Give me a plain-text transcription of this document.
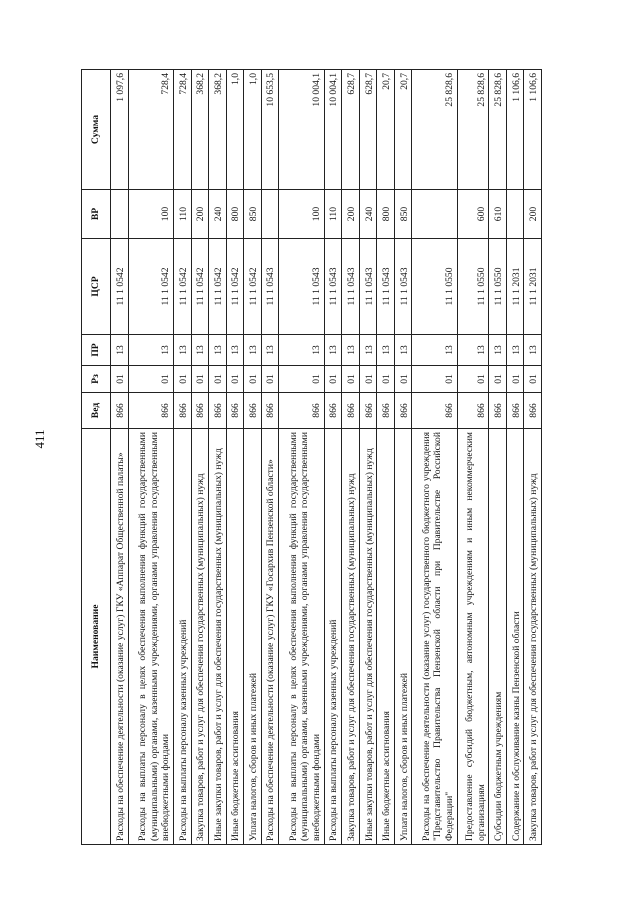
411
Наименование	Вед	Рз	ПР	ЦСР	ВР	Сумма
Расходы на обеспечение деятельности (оказание услуг) ГКУ «Аппарат Общественной палаты»	866	01	13	11 1 0542		1 097,6
Расходы на выплаты персоналу в целях обеспечения выполнения функций государственными (муниципальными) органами, казенными учреждениями, органами управления государственными внебюджетными фондами	866	01	13	11 1 0542	100	728,4
Расходы на выплаты персоналу казенных учреждений	866	01	13	11 1 0542	110	728,4
Закупка товаров, работ и услуг для обеспечения государственных (муниципальных) нужд	866	01	13	11 1 0542	200	368,2
Иные закупки товаров, работ и услуг для обеспечения государственных (муниципальных) нужд	866	01	13	11 1 0542	240	368,2
Иные бюджетные ассигнования	866	01	13	11 1 0542	800	1,0
Уплата налогов, сборов и иных платежей	866	01	13	11 1 0542	850	1,0
Расходы на обеспечение деятельности (оказание услуг) ГКУ «Госархив Пензенской области»	866	01	13	11 1 0543		10 653,5
Расходы на выплаты персоналу в целях обеспечения выполнения функций государственными (муниципальными) органами, казенными учреждениями, органами управления государственными внебюджетными фондами	866	01	13	11 1 0543	100	10 004,1
Расходы на выплаты персоналу казенных учреждений	866	01	13	11 1 0543	110	10 004,1
Закупка товаров, работ и услуг для обеспечения государственных (муниципальных) нужд	866	01	13	11 1 0543	200	628,7
Иные закупки товаров, работ и услуг для обеспечения государственных (муниципальных) нужд	866	01	13	11 1 0543	240	628,7
Иные бюджетные ассигнования	866	01	13	11 1 0543	800	20,7
Уплата налогов, сборов и иных платежей	866	01	13	11 1 0543	850	20,7
Расходы на обеспечение деятельности (оказание услуг) государственного бюджетного учреждения "Представительство Правительства Пензенской области при Правительстве Российской Федерации"	866	01	13	11 1 0550		25 828,6
Предоставление субсидий бюджетным, автономным учреждениям и иным некоммерческим организациям	866	01	13	11 1 0550	600	25 828,6
Субсидии бюджетным учреждениям	866	01	13	11 1 0550	610	25 828,6
Содержание и обслуживание казны Пензенской области	866	01	13	11 1 2031		1 106,6
Закупка товаров, работ и услуг для обеспечения государственных (муниципальных) нужд	866	01	13	11 1 2031	200	1 106,6
